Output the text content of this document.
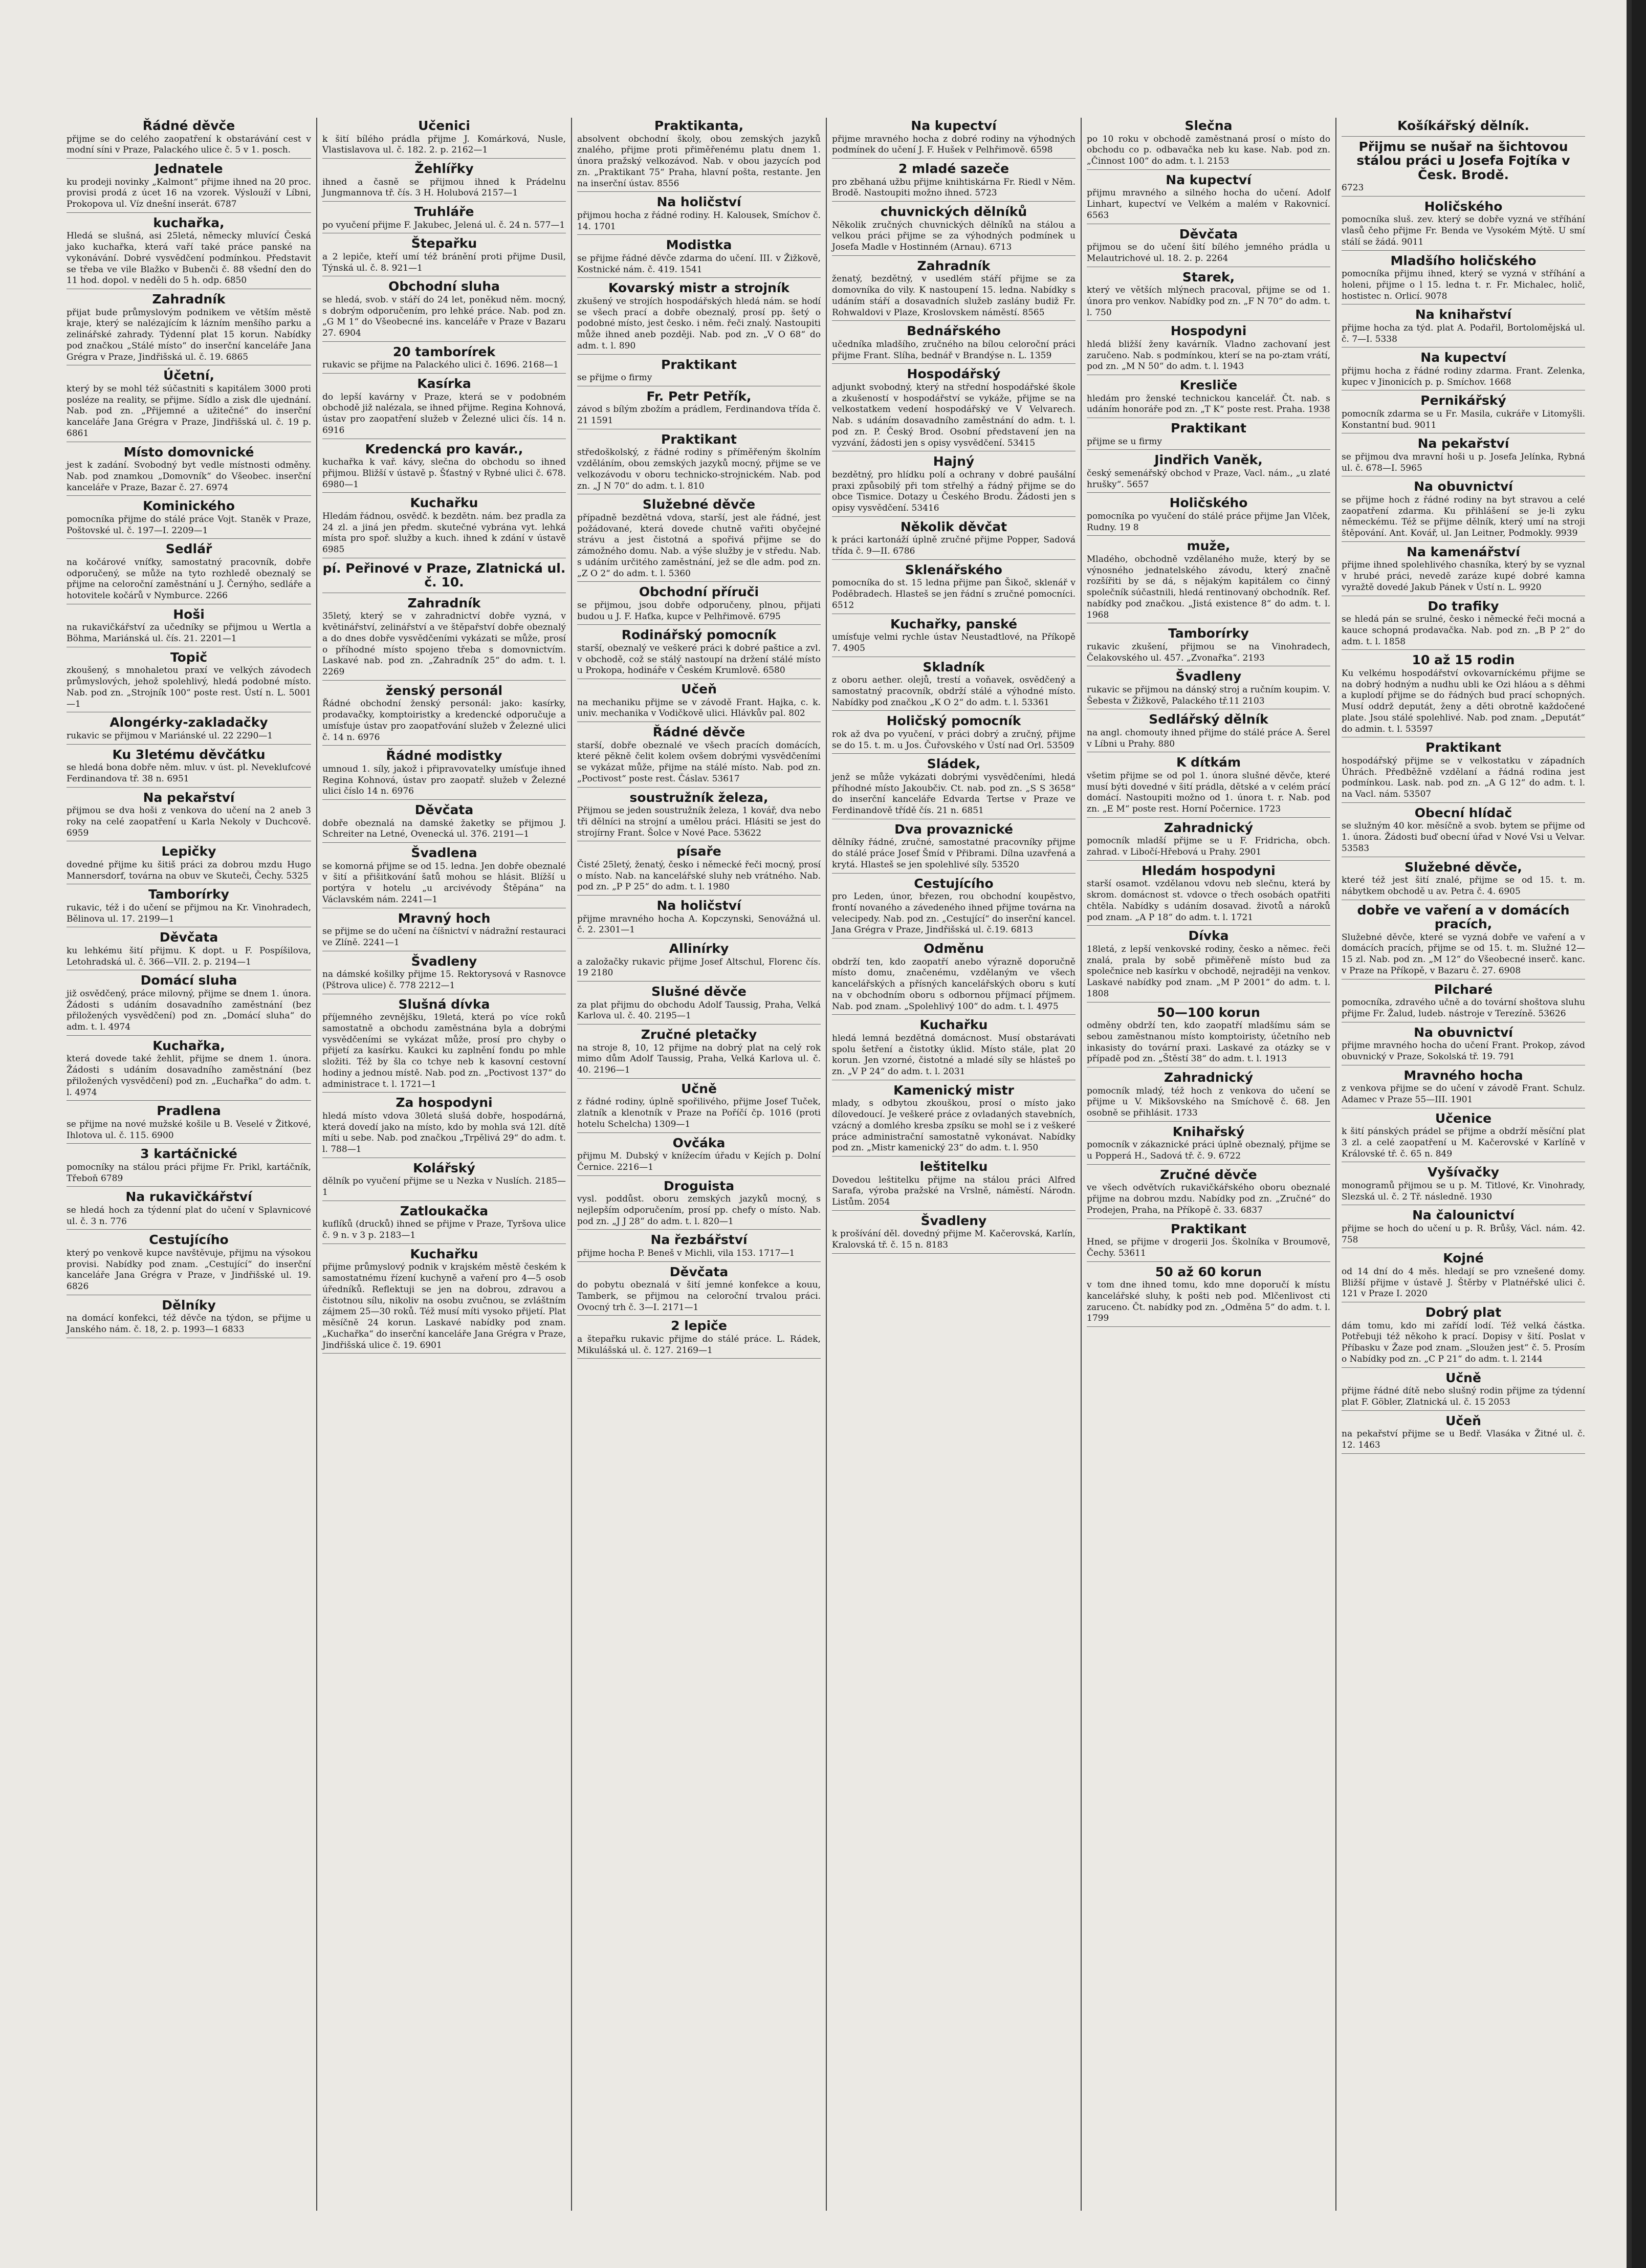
Řádné děvče

přijme se do celého zaopatření k obstarávání cest v modní síni v Praze, Palackého ulice č. 5 v 1. posch.

Jednatele

ku prodeji novinky „Kalmont“ přijme ihned na 20 proc. provisi prodá z úcet 16 na vzorek. Výslouží v Líbni, Prokopova ul. Víz dnešní inserát. 6787

kuchařka,

Hledá se slušná, asi 25letá, německy mluvící Česká jako kuchařka, která vaří také práce panské na vykonávání. Dobré vysvědčení podmínkou. Představit se třeba ve vile Blažko v Bubenči č. 88 všední den do 11 hod. dopol. v neděli do 5 h. odp. 6850

Zahradník

přijat bude průmyslovým podnikem ve větším městě kraje, který se nalézajícím k lázním menšího parku a zelinářské zahrady. Týdenní plat 15 korun. Nabídky pod značkou „Stálé místo“ do inserční kanceláře Jana Grégra v Praze, Jindřišská ul. č. 19. 6865

Účetní,

který by se mohl též súčastniti s kapitálem 3000 proti posléze na reality, se přijme. Sídlo a zisk dle ujednání. Nab. pod zn. „Přijemné a užitečné“ do inserční kanceláře Jana Grégra v Praze, Jindřišská ul. č. 19 p. 6861

Místo domovnické

jest k zadání. Svobodný byt vedle místnosti odměny. Nab. pod znamkou „Domovník“ do Všeobec. inserční kanceláře v Praze, Bazar č. 27. 6974

Kominického

pomocníka přijme do stálé práce Vojt. Staněk v Praze, Poštovské ul. č. 197—I. 2209—1

Sedlář

na kočárové vníťky, samostatný pracovník, dobře odporučený, se může na tyto rozhledě obeznalý se přijme na celoroční zaměstnání u J. Černýho, sedláře a hotovitele kočárů v Nymburce. 2266

Hoši

na rukavičkářství za učedníky se přijmou u Wertla a Böhma, Mariánská ul. čís. 21. 2201—1

Topič

zkoušený, s mnohaletou praxí ve velkých závodech průmyslových, jehož spolehlivý, hledá podobné místo. Nab. pod zn. „Strojník 100“ poste rest. Ústí n. L. 5001—1

Alongérky-zakladačky

rukavic se přijmou v Mariánské ul. 22 2290—1

Ku 3letému děvčátku

se hledá bona dobře něm. mluv. v úst. pl. Neveklufcové Ferdinandova tř. 38 n. 6951

Na pekařství

přijmou se dva hoši z venkova do učení na 2 aneb 3 roky na celé zaopatření u Karla Nekoly v Duchcově. 6959

Lepičky

dovedné přijme ku šitiš práci za dobrou mzdu Hugo Mannersdorf, továrna na obuv ve Skuteči, Čechy. 5325

Tamborírky

rukavic, též i do učení se přijmou na Kr. Vinohradech, Bělinova ul. 17. 2199—1

Děvčata

ku lehkému šití přijmu. K dopt. u F. Pospíšilova, Letohradská ul. č. 366—VII. 2. p. 2194—1

Domácí sluha

již osvědčený, práce milovný, přijme se dnem 1. února. Žádosti s udáním dosavadního zaměstnání (bez přiložených vysvědčení) pod zn. „Domácí sluha“ do adm. t. l. 4974

Kuchařka,

která dovede také žehlit, přijme se dnem 1. února. Žádosti s udáním dosavadního zaměstnání (bez přiložených vysvědčení) pod zn. „Euchařka“ do adm. t. l. 4974

Pradlena

se přijme na nové mužské košile u B. Veselé v Žitkové, Ihlotova ul. č. 115. 6900

3 kartáčnické

pomocníky na stálou práci přijme Fr. Prikl, kartáčník, Třeboň 6789

Na rukavičkářství

se hledá hoch za týdenní plat do učení v Splavnicové ul. č. 3 n. 776

Cestujícího

který po venkově kupce navštěvuje, přijmu na výsokou provisi. Nabídky pod znam. „Cestující“ do inserční kanceláře Jana Grégra v Praze, v Jindřišské ul. 19. 6826

Dělníky

na domácí konfekci, též děvče na týdon, se přijme u Janského nám. č. 18, 2. p. 1993—1 6833

Učenici

k šití bílého prádla přijme J. Komárková, Nusle, Vlastislavova ul. č. 182. 2. p. 2162—1

Žehlířky

ihned a časně se přijmou ihned k Prádelnu Jungmannova tř. čís. 3 H. Holubová 2157—1

Truhláře

po vyučení přijme F. Jakubec, Jelená ul. č. 24 n. 577—1

Štepařku

a 2 lepiče, kteří umí též bránění proti přijme Dusil, Týnská ul. č. 8. 921—1

Obchodní sluha

se hledá, svob. v stáří do 24 let, poněkud něm. mocný, s dobrým odporučením, pro lehké práce. Nab. pod zn. „G M 1“ do Všeobecné ins. kanceláře v Praze v Bazaru 27. 6904

20 tamborírek

rukavic se přijme na Palackého ulici č. 1696. 2168—1

Kasírka

do lepší kavárny v Praze, která se v podobném obchodě již nalézala, se ihned přijme. Regina Kohnová, ústav pro zaopatření služeb v Železné ulici čís. 14 n. 6916

Kredencká pro kavár.,

kuchařka k vař. kávy, slečna do obchodu so ihned přijmou. Bližší v ústavě p. Šťastný v Rybné ulici č. 678. 6980—1

Kuchařku

Hledám řádnou, osvědč. k bezdětn. nám. bez pradla za 24 zl. a jiná jen předm. skutečné vybrána vyt. lehká místa pro spoř. služby a kuch. ihned k zdání v ústavě 6985

pí. Peřinové v Praze, Zlatnická ul. č. 10.

Zahradník

35letý, který se v zahradnictví dobře vyzná, v květinářství, zelinářství a ve štěpařství dobře obeznalý a do dnes dobře vysvědčeními vykázati se může, prosí o příhodné místo spojeno třeba s domovnictvím. Laskavé nab. pod zn. „Zahradník 25“ do adm. t. l. 2269

ženský personál

Řádné obchodní ženský personál: jako: kasírky, prodavačky, komptoiristky a kredencké odporučuje a umísťuje ústav pro zaopatřování služeb v Železné ulici č. 14 n. 6976

Řádné modistky

umnoud 1. síly, jakož i připravovatelky umísťuje ihned Regina Kohnová, ústav pro zaopatř. služeb v Železné ulici číslo 14 n. 6976

Děvčata

dobře obeznalá na damské žaketky se přijmou J. Schreiter na Letné, Ovenecká ul. 376. 2191—1

Švadlena

se komorná přijme se od 15. ledna. Jen dobře obeznalé v šití a přišitkování šatů mohou se hlásit. Blížší u portýra v hotelu „u arcivévody Štěpána“ na Václavském nám. 2241—1

Mravný hoch

se přijme se do učení na číšnictví v nádražní restauraci ve Zlíně. 2241—1

Švadleny

na dámské košilky přijme 15. Rektorysová v Rasnovce (Pštrova ulice) č. 778 2212—1

Slušná dívka

příjemného zevnějšku, 19letá, která po více roků samostatně a obchodu zaměstnána byla a dobrými vysvědčeními se vykázat může, prosí pro chyby o přijetí za kasírku. Kaukci ku zaplnění fondu po mhle složiti. Též by šla co tchye neb k kasovní cestovní hodiny a jednou místě. Nab. pod zn. „Poctivost 137“ do administrace t. l. 1721—1

Za hospodyni

hledá místo vdova 30letá slušá dobře, hospodárná, která dovedí jako na místo, kdo by mohla svá 12l. dítě míti u sebe. Nab. pod značkou „Trpělivá 29“ do adm. t. l. 788—1

Kolářský

dělník po vyučení přijme se u Nezka v Nuslích. 2185—1

Zatloukačka

kuflíků (drucků) ihned se přijme v Praze, Tyršova ulice č. 9 n. v 3 p. 2183—1

Kuchařku

přijme průmyslový podnik v krajském městě českém k samostatnému řízení kuchyně a vaření pro 4—5 osob úředníků. Reflektuji se jen na dobrou, zdravou a čistotnou sílu, nikoliv na osobu zvučnou, se zvláštním zájmem 25—30 roků. Též musí míti vysoko přijetí. Plat měsíčně 24 korun. Laskavé nabídky pod znam. „Kuchařka“ do inserční kanceláře Jana Grégra v Praze, Jindřišská ulice č. 19. 6901

Praktikanta,

absolvent obchodní školy, obou zemských jazyků znalého, přijme proti přiměřenému platu dnem 1. února pražský velkozávod. Nab. v obou jazycích pod zn. „Praktikant 75“ Praha, hlavní pošta, restante. Jen na inserční ústav. 8556

Na holičství

přijmou hocha z řádné rodiny. H. Kalousek, Smíchov č. 14. 1701

Modistka

se přijme řádné děvče zdarma do učení. III. v Žižkově, Kostnické nám. č. 419. 1541

Kovarský mistr a strojník

zkušený ve strojích hospodářských hledá nám. se hodí se všech prací a dobře obeznalý, prosí pp. šetý o podobné místo, jest česko. i něm. řeči znalý. Nastoupiti může ihned aneb později. Nab. pod zn. „V O 68“ do adm. t. l. 890

Praktikant

se přijme o firmy

Fr. Petr Petřík,

závod s bílým zbožím a prádlem, Ferdinandova třída č. 21 1591

Praktikant

středoškolský, z řádné rodiny s příměřeným školním vzděláním, obou zemských jazyků mocný, přijme se ve velkozávodu v oboru technicko-strojnickém. Nab. pod zn. „J N 70“ do adm. t. l. 810

Služebné děvče

případně bezdětná vdova, starší, jest ale řádné, jest požádované, která dovede chutně vařiti obyčejné strávu a jest čistotná a spořivá přijme se do zámožného domu. Nab. a výše služby je v středu. Nab. s udáním určitého zaměstnání, jež se dle adm. pod zn. „Z O 2“ do adm. t. l. 5360

Obchodní příruči

se přijmou, jsou dobře odporučeny, plnou, přijati budou u J. F. Haťka, kupce v Pelhřimově. 6795

Rodinářský pomocník

starší, obeznalý ve veškeré práci k dobré paštice a zvl. v obchodě, což se stálý nastoupí na držení stálé místo u Prokopa, hodináře v Českém Krumlově. 6580

Učeň

na mechaniku přijme se v závodě Frant. Hajka, c. k. univ. mechanika v Vodičkově ulici. Hlávkův pal. 802

Řádné děvče

starší, dobře obeznalé ve všech pracích domácích, které pěkně čelit kolem ovšem dobrými vysvědčeními se vykázat může, přijme na stálé místo. Nab. pod zn. „Poctivost“ poste rest. Čáslav. 53617

soustružník železa,

Přijmou se jeden soustružník železa, 1 kovář, dva nebo tři dělníci na strojní a umělou práci. Hlásiti se jest do strojírny Frant. Šolce v Nové Pace. 53622

písaře

Čisté 25letý, ženatý, česko i německé řeči mocný, prosí o místo. Nab. na kancelářské sluhy neb vrátného. Nab. pod zn. „P P 25“ do adm. t. l. 1980

Na holičství

přijme mravného hocha A. Kopczynski, Senovážná ul. č. 2. 2301—1

Allinírky

a založačky rukavic přijme Josef Altschul, Florenc čís. 19 2180

Slušné děvče

za plat přijmu do obchodu Adolf Taussig, Praha, Velká Karlova ul. č. 40. 2195—1

Zručné pletačky

na stroje 8, 10, 12 přijme na dobrý plat na celý rok mimo dům Adolf Taussig, Praha, Velká Karlova ul. č. 40. 2196—1

Učně

z řádné rodiny, úplně spořilivého, přijme Josef Tuček, zlatník a klenotník v Praze na Poříčí čp. 1016 (proti hotelu Schelcha) 1309—1

Ovčáka

přijmu M. Dubský v knížecím úřadu v Kejích p. Dolní Černice. 2216—1

Droguista

vysl. poddůst. oboru zemských jazyků mocný, s nejlepším odporučením, prosí pp. chefy o místo. Nab. pod zn. „J J 28“ do adm. t. l. 820—1

Na řezbářství

přijme hocha P. Beneš v Michli, vila 153. 1717—1

Děvčata

do pobytu obeznalá v šití jemné konfekce a kouu, Tamberk, se přijmou na celoroční trvalou práci. Ovocný trh č. 3—I. 2171—1

2 lepiče

a štepařku rukavic přijme do stálé práce. L. Rádek, Mikulášská ul. č. 127. 2169—1

Na kupectví

přijme mravného hocha z dobré rodiny na výhodných podmínek do učení J. F. Hušek v Pelhřimově. 6598

2 mladé sazeče

pro zběhaná užbu přijme knihtiskárna Fr. Riedl v Něm. Brodě. Nastoupiti možno ihned. 5723

chuvnických dělníků

Několik zručných chuvnických dělníků na stálou a velkou práci přijme se za výhodných podmínek u Josefa Madle v Hostinném (Arnau). 6713

Zahradník

ženatý, bezdětný, v usedlém stáří přijme se za domovníka do vily. K nastoupení 15. ledna. Nabídky s udáním stáří a dosavadních služeb zaslány budiž Fr. Rohwaldovi v Plaze, Kroslovskem náměstí. 8565

Bednářského

učedníka mladšího, zručného na bílou celoroční práci přijme Frant. Slíha, bednář v Brandýse n. L. 1359

Hospodářský

adjunkt svobodný, který na střední hospodářské škole a zkušeností v hospodářství se vykáže, přijme se na velkostatkem vedení hospodářský ve V Velvarech. Nab. s udáním dosavadního zaměstnání do adm. t. l. pod zn. P. Český Brod. Osobní představení jen na vyzvání, žádosti jen s opisy vysvědčení. 53415

Hajný

bezdětný, pro hlídku polí a ochrany v dobré paušální praxi způsobilý při tom střelhý a řádný přijme se do obce Tismice. Dotazy u Českého Brodu. Žádosti jen s opisy vysvědčení. 53416

Několik děvčat

k práci kartonáží úplně zručné přijme Popper, Sadová třída č. 9—II. 6786

Sklenářského

pomocníka do st. 15 ledna přijme pan Šikoč, sklenář v Poděbradech. Hlasteš se jen řádní s zručné pomocníci. 6512

Kuchařky, panské

umísťuje velmi rychle ústav Neustadtlové, na Příkopě 7. 4905

Skladník

z oboru aether. olejů, trestí a voňavek, osvědčený a samostatný pracovník, obdrží stálé a výhodné místo. Nabídky pod značkou „K O 2“ do adm. t. l. 53361

Holičský pomocník

rok až dva po vyučení, v práci dobrý a zručný, přijme se do 15. t. m. u Jos. Čuřovského v Ústí nad Orl. 53509

Sládek,

jenž se může vykázati dobrými vysvědčeními, hledá příhodné místo Jakoubčiv. Ct. nab. pod zn. „S S 3658“ do inserční kanceláře Edvarda Tertse v Praze ve Ferdinandově třídě čís. 21 n. 6851

Dva provaznické

dělníky řádné, zručné, samostatné pracovníky přijme do stálé práce Josef Šmíd v Přibrami. Dílna uzavřená a krytá. Hlasteš se jen spolehlivé síly. 53520

Cestujícího

pro Leden, únor, březen, rou obchodní koupěstvo, frontí novaného a závedeného ihned přijme továrna na velecipedy. Nab. pod zn. „Cestující“ do inserční kancel. Jana Grégra v Praze, Jindřišská ul. č.19. 6813

Odměnu

obdrží ten, kdo zaopatří anebo výrazně doporučně místo domu, značenému, vzdělaným ve všech kancelářských a přísných kancelářských oboru s kutí na v obchodním oboru s odbornou příjmací příjmem. Nab. pod znam. „Spolehlivý 100“ do adm. t. l. 4975

Kuchařku

hledá lemná bezdětná domácnost. Musí obstarávati spolu šetření a čistotky úklid. Místo stále, plat 20 korun. Jen vzorné, čistotné a mladé síly se hlásteš po zn. „V P 24“ do adm. t. l. 2031

Kamenický mistr

mlady, s odbytou zkouškou, prosí o místo jako dílovedoucí. Je veškeré práce z ovladaných stavebních, vzácný a domlého kresba zpsíku se mohl se i z veškeré práce administrační samostatně vykonávat. Nabídky pod zn. „Mistr kamenický 23“ do adm. t. l. 950

leštitelku

Dovedou leštitelku přijme na stálou práci Alfred Sarafa, výroba pražské na Vrslně, náměstí. Národn. Listům. 2054

Švadleny

k prošívání děl. dovedný přijme M. Kačerovská, Karlín, Kralovská tř. č. 15 n. 8183

Slečna

po 10 roku v obchodě zaměstnaná prosí o místo do obchodu co p. odbavačka neb ku kase. Nab. pod zn. „Činnost 100“ do adm. t. l. 2153

Na kupectví

přijmu mravného a silného hocha do učení. Adolf Linhart, kupectví ve Velkém a malém v Rakovnicí. 6563

Děvčata

přijmou se do učení šití bílého jemného prádla u Melautrichové ul. 18. 2. p. 2264

Starek,

který ve větších mlýnech pracoval, přijme se od 1. února pro venkov. Nabídky pod zn. „F N 70“ do adm. t. l. 750

Hospodyni

hledá bližší ženy kavárník. Vladno zachovaní jest zaručeno. Nab. s podmínkou, kterí se na po-ztam vrátí, pod zn. „M N 50“ do adm. t. l. 1943

Kresliče

hledám pro ženské technickou kancelář. Čt. nab. s udáním honoráře pod zn. „T K“ poste rest. Praha. 1938

Praktikant

přijme se u firmy

Jindřich Vaněk,

český semenářský obchod v Praze, Vacl. nám., „u zlaté hrušky“. 5657

Holičského

pomocníka po vyučení do stálé práce přijme Jan Vlček, Rudny. 19 8

muže,

Mladého, obchodně vzdělaného muže, který by se výnosného jednatelského závodu, který značně rozšířiti by se dá, s nějakým kapitálem co činný společník súčastnili, hledá rentinovaný obchodník. Ref. nabídky pod značkou. „Jistá existence 8“ do adm. t. l. 1968

Tamborírky

rukavic zkušení, přijmou se na Vinohradech, Čelakovského ul. 457. „Zvonařka“. 2193

Švadleny

rukavic se přijmou na dánský stroj a ručním koupim. V. Šebesta v Žižkově, Palackého tř.11 2103

Sedlářský dělník

na angl. chomouty ihned přijme do stálé práce A. Šerel v Líbni u Prahy. 880

K dítkám

všetim přijme se od pol 1. února slušné děvče, které musí býti dovedné v šití prádla, dětské a v celém prácí domácí. Nastoupiti možno od 1. února t. r. Nab. pod zn. „E M“ poste rest. Horní Počernice. 1723

Zahradnický

pomocník mladší přijme se u F. Fridricha, obch. zahrad. v Libočí-Hřebová u Prahy. 2901

Hledám hospodyni

starší osamot. vzdělanou vdovu neb slečnu, která by skrom. domácnost st. vdovce o třech osobách opatřiti chtěla. Nabídky s udáním dosavad. životů a nároků pod znam. „A P 18“ do adm. t. l. 1721

Dívka

18letá, z lepší venkovské rodiny, česko a němec. řeči znalá, prala by sobě přiměřeně místo bud za společnice neb kasírku v obchodě, nejraději na venkov. Laskavé nabídky pod znam. „M P 2001“ do adm. t. l. 1808

50—100 korun

odměny obdrží ten, kdo zaopatří mladšímu sám se sebou zaměstnanou místo komptoiristy, účetního neb inkasisty do tovární praxi. Laskavé za otázky se v případě pod zn. „Štěstí 38“ do adm. t. l. 1913

Zahradnický

pomocník mladý, též hoch z venkova do učení se přijme u V. Mikšovského na Smíchově č. 68. Jen osobně se přihlásit. 1733

Knihařský

pomocník v zákaznické práci úplně obeznalý, přijme se u Popperá H., Sadová tř. č. 9. 6722

Zručné děvče

ve všech odvětvích rukavičkářského oboru obeznalé přijme na dobrou mzdu. Nabídky pod zn. „Zručné“ do Prodejen, Praha, na Příkopě č. 33. 6837

Praktikant

Hned, se přijme v drogerii Jos. Školníka v Broumově, Čechy. 53611

50 až 60 korun

v tom dne ihned tomu, kdo mne doporučí k místu kancelářské sluhy, k pošti neb pod. Mlčenlivost cti zaruceno. Čt. nabídky pod zn. „Odměna 5“ do adm. t. l. 1799

Košíkářský dělník.

Přijmu se nušař na šichtovou stálou práci u Josefa Fojtíka v Česk. Brodě.

6723

Holičského

pomocníka sluš. zev. který se dobře vyzná ve stříhání vlasů čeho přijme Fr. Benda ve Vysokém Mýtě. U smí stálí se žádá. 9011

Mladšího holičského

pomocníka přijmu ihned, který se vyzná v stříhání a holeni, přijme o l 15. ledna t. r. Fr. Michalec, holič, hostistec n. Orlicí. 9078

Na knihařství

přijme hocha za týd. plat A. Podařil, Bortolomějská ul. č. 7—I. 5338

Na kupectví

přijmu hocha z řádné rodiny zdarma. Frant. Zelenka, kupec v Jinonicích p. p. Smíchov. 1668

Pernikářský

pomocník zdarma se u Fr. Masila, cukráře v Litomyšli. Konstantní bud. 9011

Na pekařství

se přijmou dva mravní hoši u p. Josefa Jelínka, Rybná ul. č. 678—I. 5965

Na obuvnictví

se přijme hoch z řádné rodiny na byt stravou a celé zaopatření zdarma. Ku přihlášení se je-li zyku německému. Též se přijme dělník, který umí na stroji štěpování. Ant. Kovář, ul. Jan Leitner, Podmokly. 9939

Na kamenářství

přijme ihned spolehlivého chasníka, který by se vyznal v hrubé práci, nevedě zaráze kupé dobré kamna vyražtě dovedé Jakub Pánek v Ústí n. L. 9920

Do trafiky

se hledá pán se srulné, česko i německé řeči mocná a kauce schopná prodavačka. Nab. pod zn. „B P 2“ do adm. t. l. 1858

10 až 15 rodin

Ku velkému hospodářství ovkovarníckému přijme se na dobrý hodným a nudhu ubli ke Ozi hláou a s děhmi a kuplodí přijme se do řádných bud prací schopných. Musí oddrž deputát, ženy a děti obrotně každočené plate. Jsou stálé spolehlivé. Nab. pod znam. „Deputát“ do admin. t. l. 53597

Praktikant

hospodářský přijme se v velkostatku v západních Úhrách. Předběžně vzdělaní a řádná rodina jest podmínkou. Lask. nab. pod zn. „A G 12“ do adm. t. l. na Vacl. nám. 53507

Obecní hlídač

se služným 40 kor. měsíčně a svob. bytem se přijme od 1. února. Žádosti buď obecní úřad v Nové Vsi u Velvar. 53583

Služebné děvče,

které též jest šití znalé, přijme se od 15. t. m. nábytkem obchodě u av. Petra č. 4. 6905

dobře ve vaření a v domácích pracích,

Služebné děvče, které se vyzná dobře ve vaření a v domácích pracích, přijme se od 15. t. m. Služné 12—15 zl. Nab. pod zn. „M 12“ do Všeobecné inserč. kanc. v Praze na Příkopě, v Bazaru č. 27. 6908

Pilcharé

pomocníka, zdravého učně a do tovární shoštova sluhu přijme Fr. Žalud, ludeb. nástroje v Terezíně. 53626

Na obuvnictví

přijme mravného hocha do učení Frant. Prokop, závod obuvnický v Praze, Sokolská tř. 19. 791

Mravného hocha

z venkova přijme se do učení v závodě Frant. Schulz. Adamec v Praze 55—III. 1901

Učenice

k šití pánských prádel se přijme a obdrží měsíční plat 3 zl. a celé zaopatření u M. Kačerovské v Karlíně v Královské tř. č. 65 n. 849

Vyšívačky

monogramů přijmou se u p. M. Titlové, Kr. Vinohrady, Slezská ul. č. 2 Tř. následně. 1930

Na čalounictví

přijme se hoch do učení u p. R. Brůšy, Václ. nám. 42. 758

Kojné

od 14 dní do 4 měs. hledají se pro vznešené domy. Bližší přijme v ústavě J. Štěrby v Platnéřské ulici č. 121 v Praze I. 2020

Dobrý plat

dám tomu, kdo mi zařídí lodí. Též velká částka. Potřebuji též někoho k prací. Dopisy v šití. Poslat v Příbasku v Žaze pod znam. „Sloužen jest“ č. 5. Prosím o Nabídky pod zn. „C P 21“ do adm. t. l. 2144

Učně

přijme řádné dítě nebo slušný rodin přijme za týdenní plat F. Göbler, Zlatnická ul. č. 15 2053

Učeň

na pekařství přijme se u Bedř. Vlasáka v Žitné ul. č. 12. 1463
